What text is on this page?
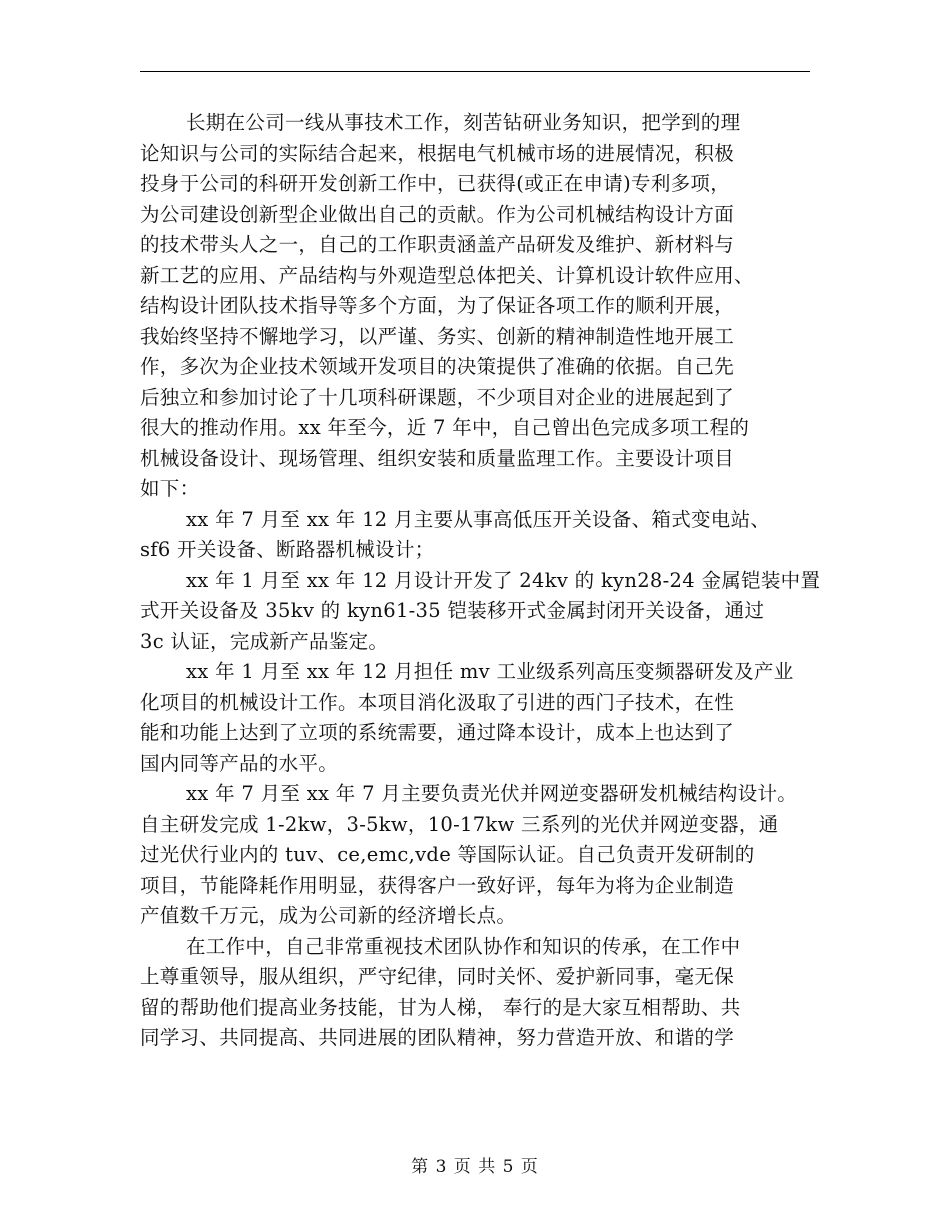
长期在公司一线从事技术工作，刻苦钻研业务知识，把学到的理
论知识与公司的实际结合起来，根据电气机械市场的进展情况，积极
投身于公司的科研开发创新工作中，已获得(或正在申请)专利多项，
为公司建设创新型企业做出自己的贡献。作为公司机械结构设计方面
的技术带头人之一，自己的工作职责涵盖产品研发及维护、新材料与
新工艺的应用、产品结构与外观造型总体把关、计算机设计软件应用、
结构设计团队技术指导等多个方面，为了保证各项工作的顺利开展，
我始终坚持不懈地学习，以严谨、务实、创新的精神制造性地开展工
作，多次为企业技术领域开发项目的决策提供了准确的依据。自己先
后独立和参加讨论了十几项科研课题，不少项目对企业的进展起到了
很大的推动作用。xx 年至今，近 7 年中，自己曾出色完成多项工程的
机械设备设计、现场管理、组织安装和质量监理工作。主要设计项目
如下：
xx 年 7 月至 xx 年 12 月主要从事高低压开关设备、箱式变电站、
sf6 开关设备、断路器机械设计；
xx 年 1 月至 xx 年 12 月设计开发了 24kv 的 kyn28-24 金属铠装中置
式开关设备及 35kv 的 kyn61-35 铠装移开式金属封闭开关设备，通过
3c 认证，完成新产品鉴定。
xx 年 1 月至 xx 年 12 月担任 mv 工业级系列高压变频器研发及产业
化项目的机械设计工作。本项目消化汲取了引进的西门子技术，在性
能和功能上达到了立项的系统需要，通过降本设计，成本上也达到了
国内同等产品的水平。
xx 年 7 月至 xx 年 7 月主要负责光伏并网逆变器研发机械结构设计。
自主研发完成 1-2kw，3-5kw，10-17kw 三系列的光伏并网逆变器，通
过光伏行业内的 tuv、ce,emc,vde 等国际认证。自己负责开发研制的
项目，节能降耗作用明显，获得客户一致好评，每年为将为企业制造
产值数千万元，成为公司新的经济增长点。
在工作中，自己非常重视技术团队协作和知识的传承，在工作中
上尊重领导，服从组织，严守纪律，同时关怀、爱护新同事，毫无保
留的帮助他们提高业务技能，甘为人梯， 奉行的是大家互相帮助、共
同学习、共同提高、共同进展的团队精神，努力营造开放、和谐的学
第 3 页 共 5 页
